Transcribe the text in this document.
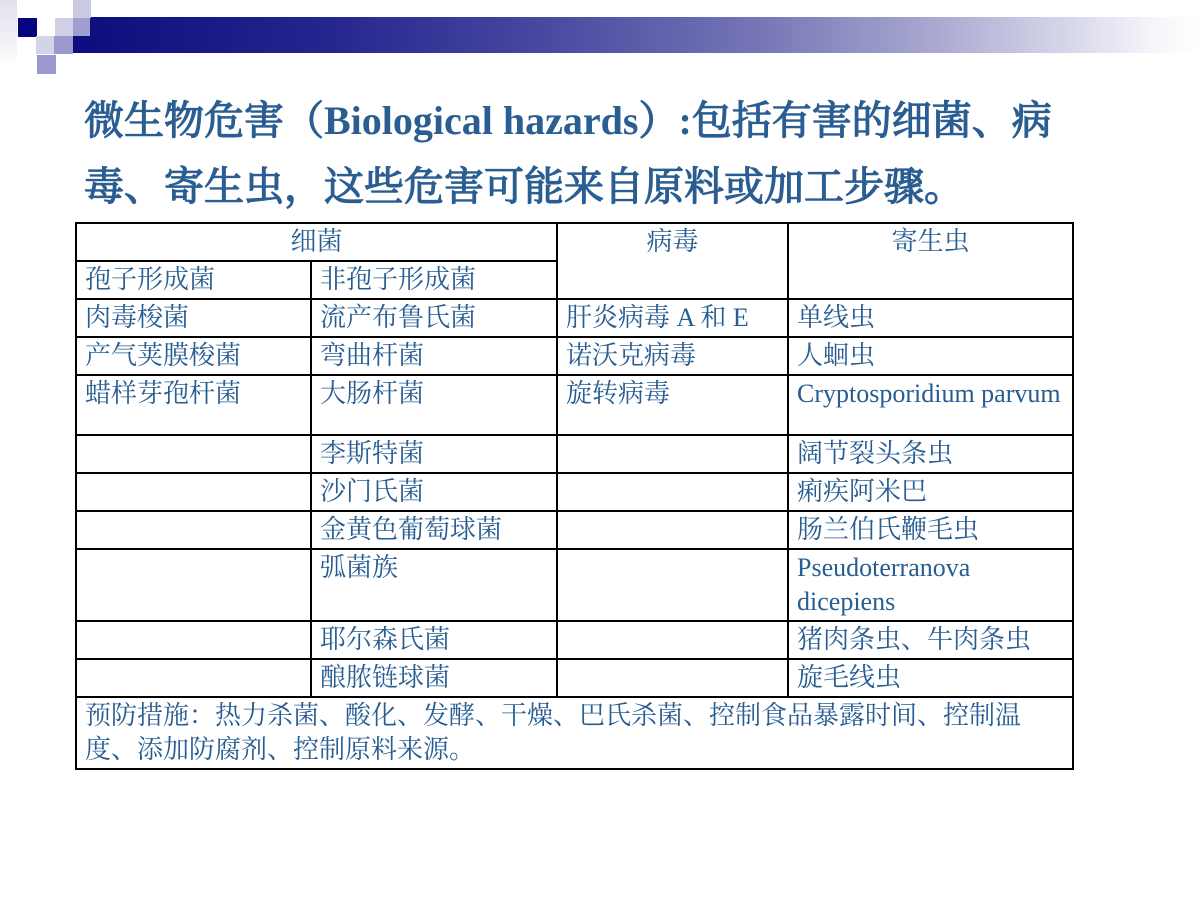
微生物危害（Biological hazards）:包括有害的细菌、病
毒、寄生虫，这些危害可能来自原料或加工步骤。
细菌		病毒	寄生虫
孢子形成菌	非孢子形成菌		
肉毒梭菌	流产布鲁氏菌	肝炎病毒 A 和 E	单线虫
产气荚膜梭菌	弯曲杆菌	诺沃克病毒	人蛔虫
蜡样芽孢杆菌	大肠杆菌	旋转病毒	Cryptosporidium parvum
	李斯特菌		阔节裂头条虫
	沙门氏菌		痢疾阿米巴
	金黄色葡萄球菌		肠兰伯氏鞭毛虫
	弧菌族		Pseudoterranova dicepiens
	耶尔森氏菌		猪肉条虫、牛肉条虫
	酿脓链球菌		旋毛线虫
预防措施：热力杀菌、酸化、发酵、干燥、巴氏杀菌、控制食品暴露时间、控制温度、添加防腐剂、控制原料来源。			
